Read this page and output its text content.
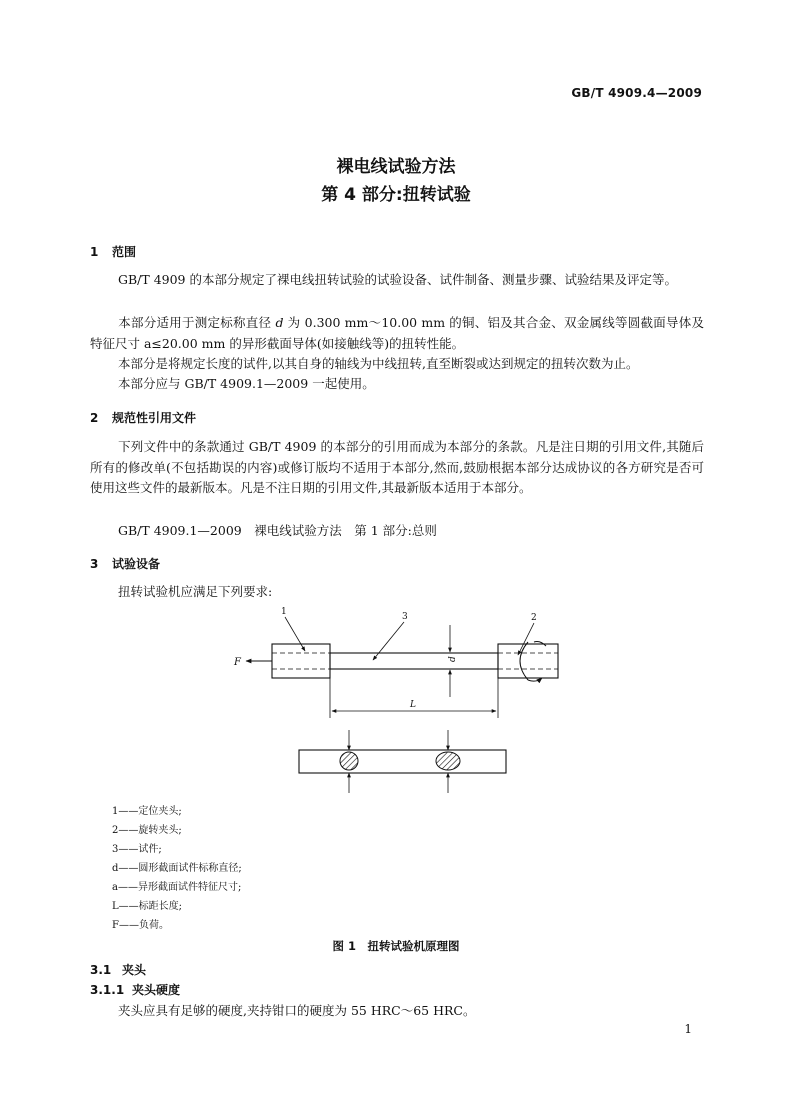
GB/T 4909.4—2009
裸电线试验方法
第 4 部分:扭转试验
1 范围
GB/T 4909 的本部分规定了裸电线扭转试验的试验设备、试件制备、测量步骤、试验结果及评定等。
本部分适用于测定标称直径 d 为 0.300 mm～10.00 mm 的铜、铝及其合金、双金属线等圆截面导体及特征尺寸 a≤20.00 mm 的异形截面导体(如接触线等)的扭转性能。
本部分是将规定长度的试件,以其自身的轴线为中线扭转,直至断裂或达到规定的扭转次数为止。
本部分应与 GB/T 4909.1—2009 一起使用。
2 规范性引用文件
下列文件中的条款通过 GB/T 4909 的本部分的引用而成为本部分的条款。凡是注日期的引用文件,其随后所有的修改单(不包括勘误的内容)或修订版均不适用于本部分,然而,鼓励根据本部分达成协议的各方研究是否可使用这些文件的最新版本。凡是不注日期的引用文件,其最新版本适用于本部分。
GB/T 4909.1—2009　裸电线试验方法　第 1 部分:总则
3 试验设备
扭转试验机应满足下列要求:
F
1	3	2
d
L
1——定位夹头;
2——旋转夹头;
3——试件;
d——圆形截面试件标称直径;
a——异形截面试件特征尺寸;
L——标距长度;
F——负荷。
图 1　扭转试验机原理图
3.1 夹头
3.1.1 夹头硬度
夹头应具有足够的硬度,夹持钳口的硬度为 55 HRC～65 HRC。
1
